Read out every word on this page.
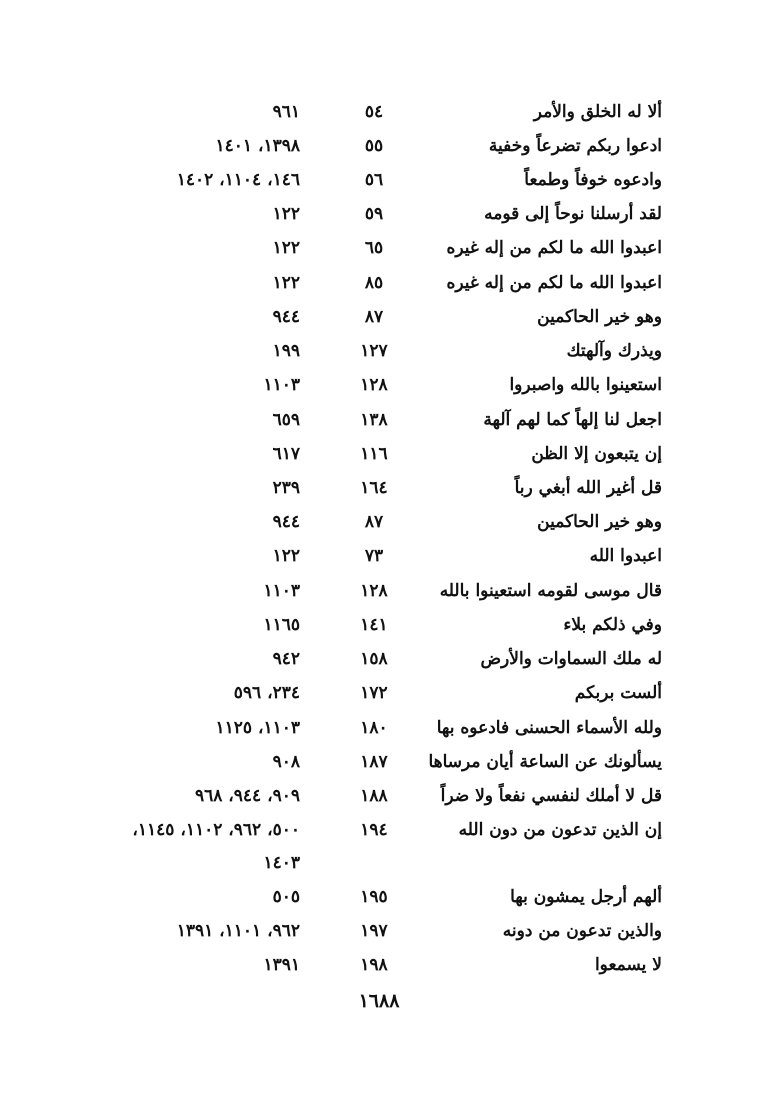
ألا له الخلق والأمر
٥٤
٩٦١
ادعوا ربكم تضرعاً وخفية
٥٥
١٣٩٨، ١٤٠١
وادعوه خوفاً وطمعاً
٥٦
١٤٦، ١١٠٤، ١٤٠٢
لقد أرسلنا نوحاً إلى قومه
٥٩
١٢٢
اعبدوا الله ما لكم من إله غيره
٦٥
١٢٢
اعبدوا الله ما لكم من إله غيره
٨٥
١٢٢
وهو خير الحاكمين
٨٧
٩٤٤
ويذرك وآلهتك
١٢٧
١٩٩
استعينوا بالله واصبروا
١٢٨
١١٠٣
اجعل لنا إلهاً كما لهم آلهة
١٣٨
٦٥٩
إن يتبعون إلا الظن
١١٦
٦١٧
قل أغير الله أبغي رباً
١٦٤
٢٣٩
وهو خير الحاكمين
٨٧
٩٤٤
اعبدوا الله
٧٣
١٢٢
قال موسى لقومه استعينوا بالله
١٢٨
١١٠٣
وفي ذلكم بلاء
١٤١
١١٦٥
له ملك السماوات والأرض
١٥٨
٩٤٢
ألست بربكم
١٧٢
٢٣٤، ٥٩٦
ولله الأسماء الحسنى فادعوه بها
١٨٠
١١٠٣، ١١٢٥
يسألونك عن الساعة أيان مرساها
١٨٧
٩٠٨
قل لا أملك لنفسي نفعاً ولا ضراً
١٨٨
٩٠٩، ٩٤٤، ٩٦٨
إن الذين تدعون من دون الله
١٩٤
٥٠٠، ٩٦٢، ١١٠٢، ١١٤٥،
١٤٠٣
ألهم أرجل يمشون بها
١٩٥
٥٠٥
والذين تدعون من دونه
١٩٧
٩٦٢، ١١٠١، ١٣٩١
لا يسمعوا
١٩٨
١٣٩١
١٦٨٨
